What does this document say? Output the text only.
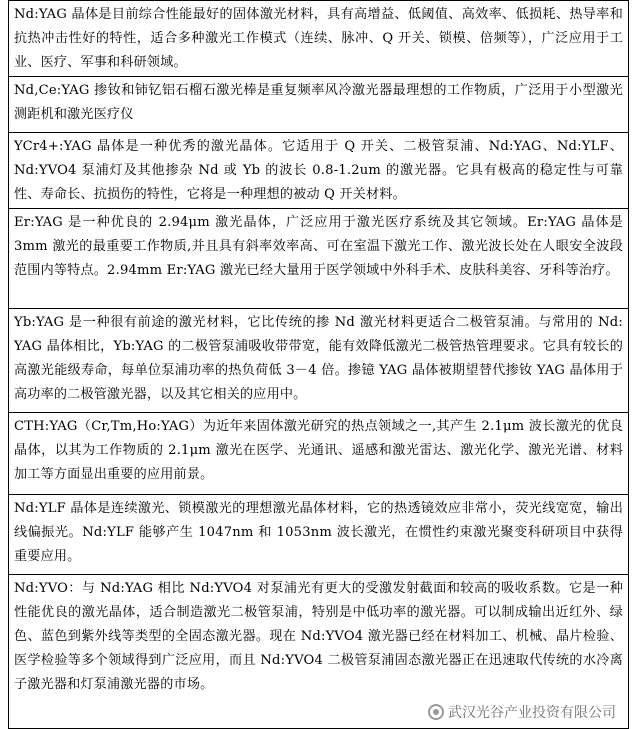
Nd:YAG 晶体是目前综合性能最好的固体激光材料，具有高增益、低阈值、高效率、低损耗、热导率和抗热冲击性好的特性，适合多种激光工作模式（连续、脉冲、Q 开关、锁模、倍频等），广泛应用于工业、医疗、军事和科研领域。
Nd,Ce:YAG 掺钕和铈钇铝石榴石激光棒是重复频率风冷激光器最理想的工作物质，广泛用于小型激光测距机和激光医疗仪
YCr4+:YAG 晶体是一种优秀的激光晶体。它适用于 Q 开关、二极管泵浦、Nd:YAG、Nd:YLF、Nd:YVO4 泵浦灯及其他掺杂 Nd 或 Yb 的波长 0.8-1.2um 的激光器。它具有极高的稳定性与可靠性、寿命长、抗损伤的特性，它将是一种理想的被动 Q 开关材料。
Er:YAG 是一种优良的 2.94μm 激光晶体，广泛应用于激光医疗系统及其它领域。Er:YAG 晶体是 3mm 激光的最重要工作物质,并且具有斜率效率高、可在室温下激光工作、激光波长处在人眼安全波段范围内等特点。2.94mm Er:YAG 激光已经大量用于医学领域中外科手术、皮肤科美容、牙科等治疗。
Yb:YAG 是一种很有前途的激光材料，它比传统的掺 Nd 激光材料更适合二极管泵浦。与常用的 Nd: YAG 晶体相比，Yb:YAG 的二极管泵浦吸收带带宽，能有效降低激光二极管热管理要求。它具有较长的高激光能级寿命，每单位泵浦功率的热负荷低 3－4 倍。掺镱 YAG 晶体被期望替代掺钕 YAG 晶体用于高功率的二极管激光器，以及其它相关的应用中。
CTH:YAG（Cr,Tm,Ho:YAG）为近年来固体激光研究的热点领域之一,其产生 2.1μm 波长激光的优良晶体，以其为工作物质的 2.1μm 激光在医学、光通讯、遥感和激光雷达、激光化学、激光光谱、材料加工等方面显出重要的应用前景。
Nd:YLF 晶体是连续激光、锁模激光的理想激光晶体材料，它的热透镜效应非常小，荧光线宽宽，输出线偏振光。Nd:YLF 能够产生 1047nm 和 1053nm 波长激光，在惯性约束激光聚变科研项目中获得重要应用。
Nd:YVO：与 Nd:YAG 相比 Nd:YVO4 对泵浦光有更大的受激发射截面和较高的吸收系数。它是一种性能优良的激光晶体，适合制造激光二极管泵浦，特别是中低功率的激光器。可以制成输出近红外、绿色、蓝色到紫外线等类型的全固态激光器。现在 Nd:YVO4 激光器已经在材料加工、机械、晶片检验、医学检验等多个领域得到广泛应用，而且 Nd:YVO4 二极管泵浦固态激光器正在迅速取代传统的水冷离子激光器和灯泵浦激光器的市场。
武汉光谷产业投资有限公司
